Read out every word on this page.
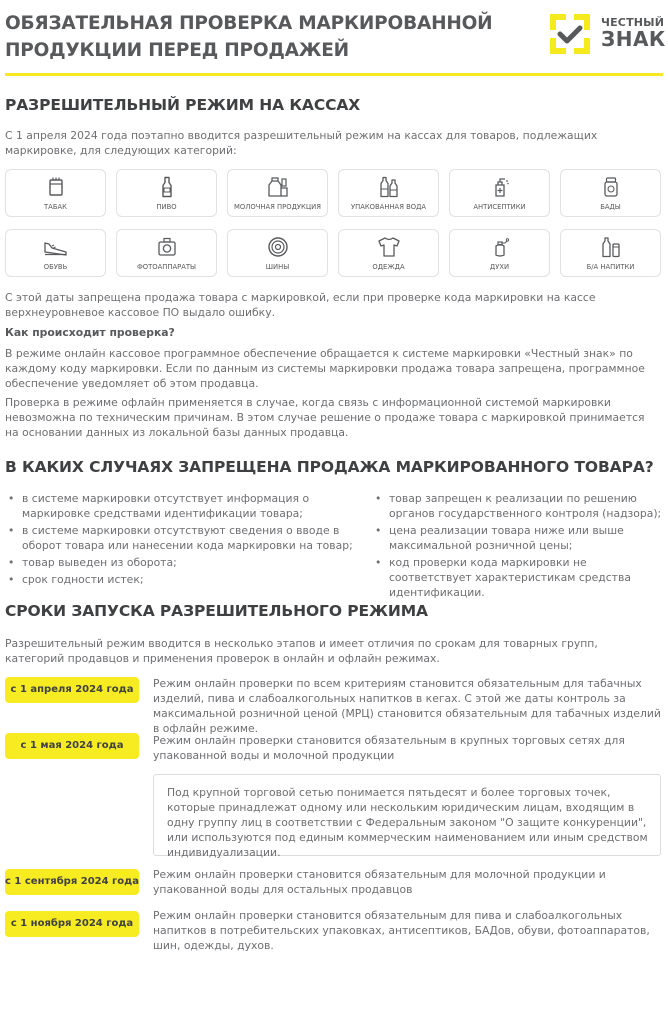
ОБЯЗАТЕЛЬНАЯ ПРОВЕРКА МАРКИРОВАННОЙ
ПРОДУКЦИИ ПЕРЕД ПРОДАЖЕЙ
ЧЕСТНЫЙ
ЗНАК
РАЗРЕШИТЕЛЬНЫЙ РЕЖИМ НА КАССАХ
С 1 апреля 2024 года поэтапно вводится разрешительный режим на кассах для товаров, подлежащих маркировке, для следующих категорий:
ТАБАК	ПИВО	МОЛОЧНАЯ ПРОДУКЦИЯ	УПАКОВАННАЯ ВОДА	АНТИСЕПТИКИ	БАДЫ
ОБУВЬ	ФОТОАППАРАТЫ	ШИНЫ	ОДЕЖДА	ДУХИ	Б/А НАПИТКИ
С этой даты запрещена продажа товара с маркировкой, если при проверке кода маркировки на кассе верхнеуровневое кассовое ПО выдало ошибку.
Как происходит проверка?
В режиме онлайн кассовое программное обеспечение обращается к системе маркировки «Честный знак» по каждому коду маркировки. Если по данным из системы маркировки продажа товара запрещена, программное обеспечение уведомляет об этом продавца.
Проверка в режиме офлайн применяется в случае, когда связь с информационной системой маркировки невозможна по техническим причинам. В этом случае решение о продаже товара с маркировкой принимается на основании данных из локальной базы данных продавца.
В КАКИХ СЛУЧАЯХ ЗАПРЕЩЕНА ПРОДАЖА МАРКИРОВАННОГО ТОВАРА?
• в системе маркировки отсутствует информация о маркировке средствами идентификации товара;
• в системе маркировки отсутствуют сведения о вводе в оборот товара или нанесении кода маркировки на товар;
• товар выведен из оборота;
• срок годности истек;
• товар запрещен к реализации по решению органов государственного контроля (надзора);
• цена реализации товара ниже или выше максимальной розничной цены;
• код проверки кода маркировки не соответствует характеристикам средства идентификации.
СРОКИ ЗАПУСКА РАЗРЕШИТЕЛЬНОГО РЕЖИМА
Разрешительный режим вводится в несколько этапов и имеет отличия по срокам для товарных групп, категорий продавцов и применения проверок в онлайн и офлайн режимах.
с 1 апреля 2024 года	Режим онлайн проверки по всем критериям становится обязательным для табачных изделий, пива и слабоалкогольных напитков в кегах. С этой же даты контроль за максимальной розничной ценой (МРЦ) становится обязательным для табачных изделий в офлайн режиме.
с 1 мая 2024 года	Режим онлайн проверки становится обязательным в крупных торговых сетях для упакованной воды и молочной продукции
Под крупной торговой сетью понимается пятьдесят и более торговых точек, которые принадлежат одному или нескольким юридическим лицам, входящим в одну группу лиц в соответствии с Федеральным законом "О защите конкуренции", или используются под единым коммерческим наименованием или иным средством индивидуализации.
с 1 сентября 2024 года
Режим онлайн проверки становится обязательным для молочной продукции и упакованной воды для остальных продавцов
с 1 ноября 2024 года
Режим онлайн проверки становится обязательным для пива и слабоалкогольных напитков в потребительских упаковках, антисептиков, БАДов, обуви, фотоаппаратов, шин, одежды, духов.
